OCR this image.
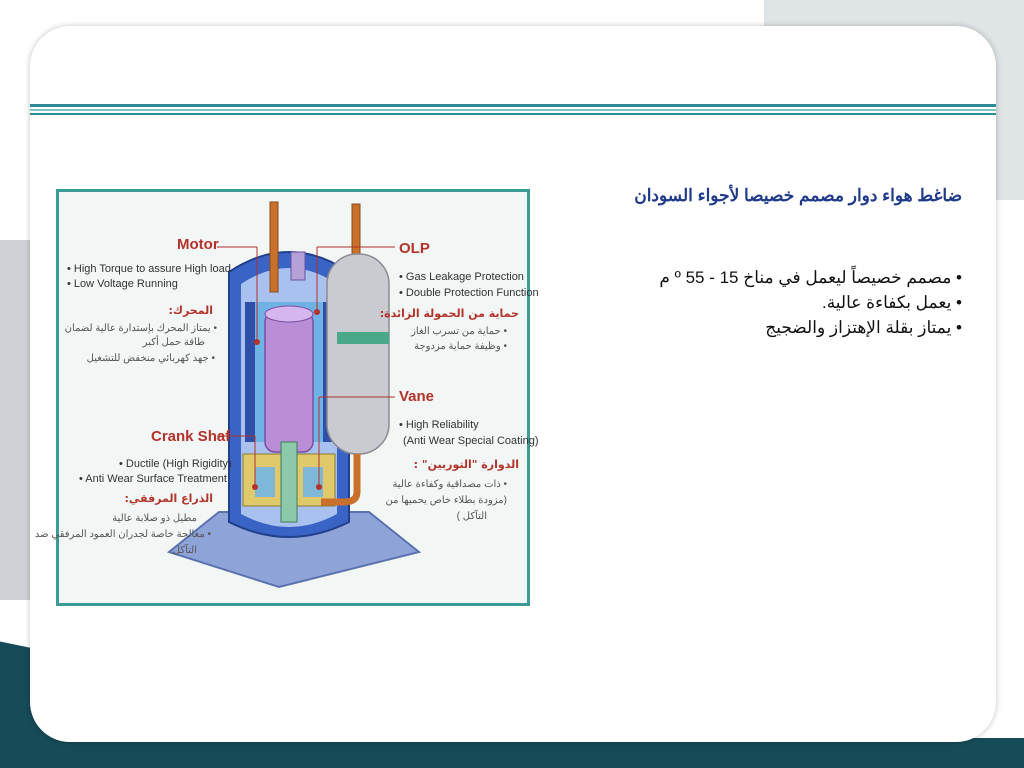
Motor
• High Torque to assure High load
• Low Voltage Running
المحرك:
• يمتاز المحرك بإستدارة عالية لضمان
طاقة حمل أكبر
• جهد كهربائي منخفض للتشغيل
Crank Shaf
• Ductile (High Rigidity)
• Anti Wear Surface Treatment
الذراع المرفقي:
مطيل ذو صلابة عالية
• معالجة خاصة لجدران العمود المرفقي ضد
التآكل
OLP
• Gas Leakage Protection
• Double Protection Function
حماية من الحمولة الزائدة:
• حماية من تسرب الغاز
• وظيفة حماية مزدوجة
Vane
• High Reliability
(Anti Wear Special Coating)
الدوارة "التوربين" :
• ذات مصداقية وكفاءة عالية
(مزودة بطلاء خاص يحميها من
التآكل )
ضاغط هواء دوار مصمم خصيصا لأجواء السودان
• مصمم خصيصاً ليعمل في مناخ 15 - 55 º م
• يعمل بكفاءة عالية.
• يمتاز بقلة الإهتزاز والضجيج
